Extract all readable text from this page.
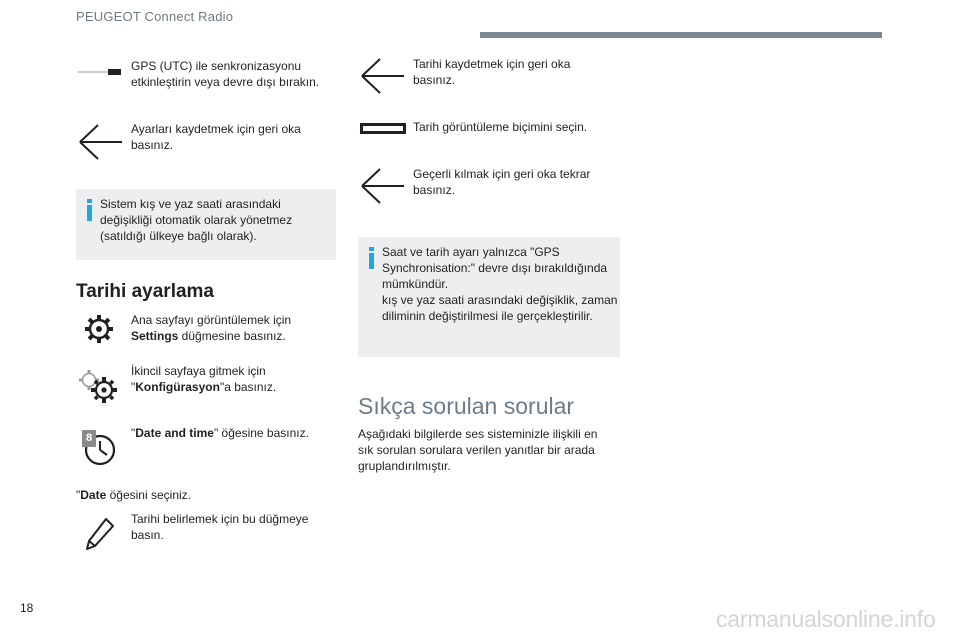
PEUGEOT Connect Radio
GPS (UTC) ile senkronizasyonu etkinleştirin veya devre dışı bırakın.
Ayarları kaydetmek için geri oka basınız.
Sistem kış ve yaz saati arasındaki değişikliği otomatik olarak yönetmez (satıldığı ülkeye bağlı olarak).
Tarihi ayarlama
Ana sayfayı görüntülemek için Settings düğmesine basınız.
İkincil sayfaya gitmek için "Konfigürasyon"a basınız.
8	"Date and time" öğesine basınız.
"Date öğesini seçiniz.
Tarihi belirlemek için bu düğmeye basın.
Tarihi kaydetmek için geri oka basınız.
Tarih görüntüleme biçimini seçin.
Geçerli kılmak için geri oka tekrar basınız.
Saat ve tarih ayarı yalnızca "GPS Synchronisation:" devre dışı bırakıldığında mümkündür.
kış ve yaz saati arasındaki değişiklik, zaman diliminin değiştirilmesi ile gerçekleştirilir.
Sıkça sorulan sorular
Aşağıdaki bilgilerde ses sisteminizle ilişkili en sık sorulan sorulara verilen yanıtlar bir arada gruplandırılmıştır.
18	carmanualsonline.info
